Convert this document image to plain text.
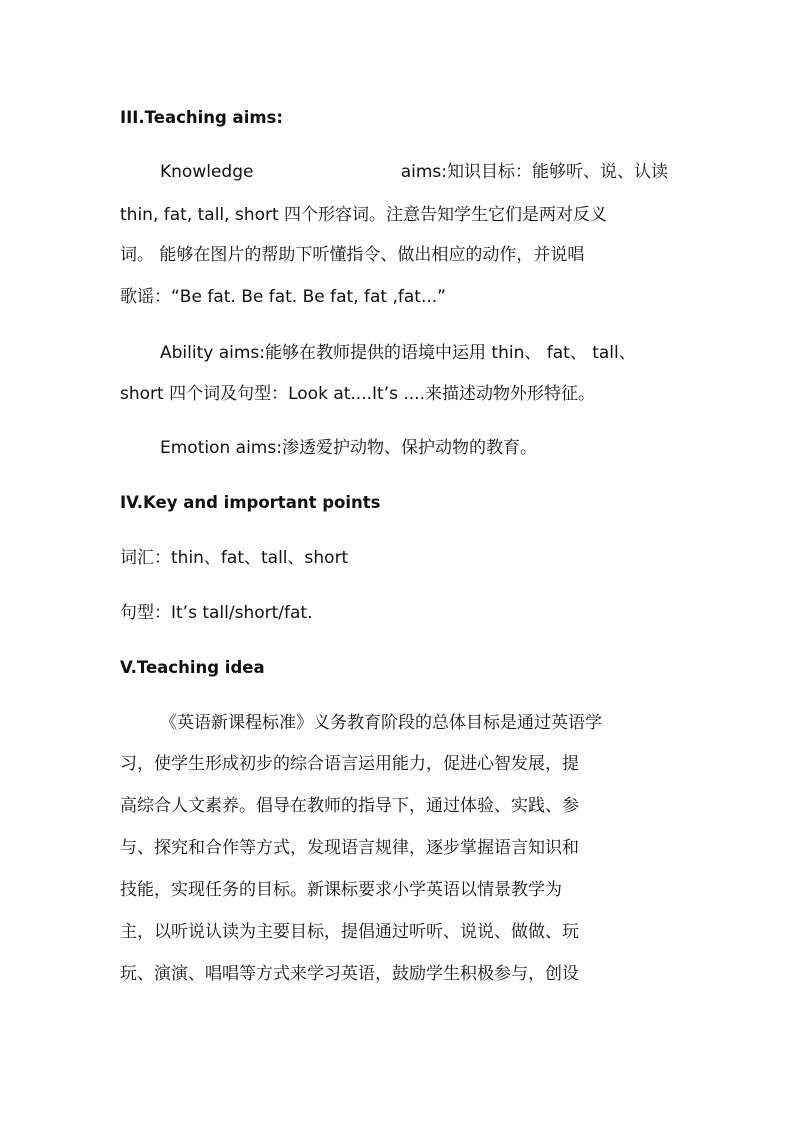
III.Teaching aims:
Knowledge	aims:知识目标：能够听、说、认读
thin, fat, tall, short 四个形容词。注意告知学生它们是两对反义
词。 能够在图片的帮助下听懂指令、做出相应的动作，并说唱
歌谣：“Be fat. Be fat. Be fat, fat ,fat...”
Ability aims:能够在教师提供的语境中运用 thin、 fat、 tall、
short 四个词及句型：Look at....It’s ....来描述动物外形特征。
Emotion aims:渗透爱护动物、保护动物的教育。
IV.Key and important points
词汇：thin、fat、tall、short
句型：It’s tall/short/fat.
V.Teaching idea
《英语新课程标准》义务教育阶段的总体目标是通过英语学
习，使学生形成初步的综合语言运用能力，促进心智发展，提
高综合人文素养。倡导在教师的指导下，通过体验、实践、参
与、探究和合作等方式，发现语言规律，逐步掌握语言知识和
技能，实现任务的目标。新课标要求小学英语以情景教学为
主，以听说认读为主要目标，提倡通过听听、说说、做做、玩
玩、演演、唱唱等方式来学习英语，鼓励学生积极参与，创设
